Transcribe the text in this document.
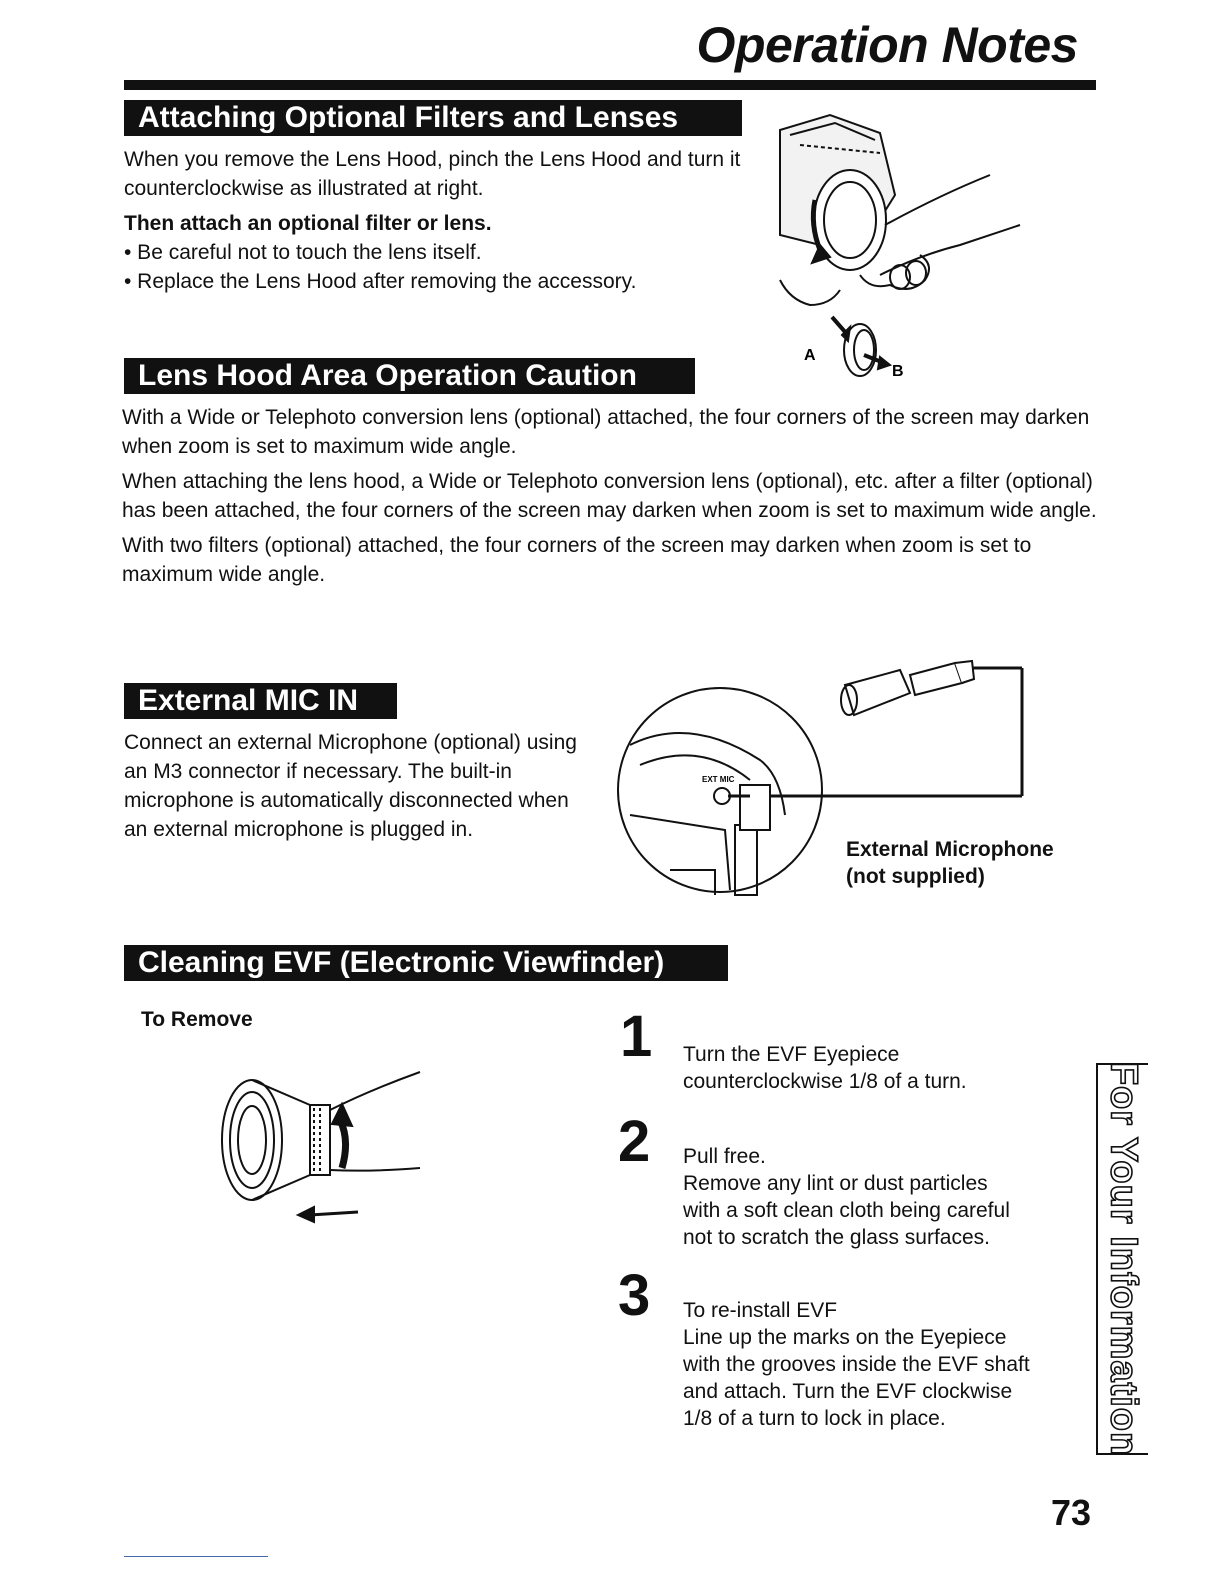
Operation Notes
Attaching Optional Filters and Lenses

When you remove the Lens Hood, pinch the Lens Hood and turn it counterclockwise as illustrated at right.

Then attach an optional filter or lens.

• Be careful not to touch the lens itself.

• Replace the Lens Hood after removing the accessory.

A
B
Lens Hood Area Operation Caution

With a Wide or Telephoto conversion lens (optional) attached, the four corners of the screen may darken when zoom is set to maximum wide angle.

When attaching the lens hood, a Wide or Telephoto conversion lens (optional), etc. after a filter (optional) has been attached, the four corners of the screen may darken when zoom is set to maximum wide angle.

With two filters (optional) attached, the four corners of the screen may darken when zoom is set to maximum wide angle.

External MIC IN
Connect an external Microphone (optional) using an M3 connector if necessary. The built-in microphone is automatically disconnected when an external microphone is plugged in.
EXT MIC
External Microphone
(not supplied)
Cleaning EVF (Electronic Viewfinder)
To Remove	1 Turn the EVF Eyepiece
counterclockwise 1/8 of a turn.
2 Pull free.
Remove any lint or dust particles
with a soft clean cloth being careful
not to scratch the glass surfaces.
3 To re-install EVF
Line up the marks on the Eyepiece
with the grooves inside the EVF shaft
and attach. Turn the EVF clockwise
1/8 of a turn to lock in place.	For Your Information
73
